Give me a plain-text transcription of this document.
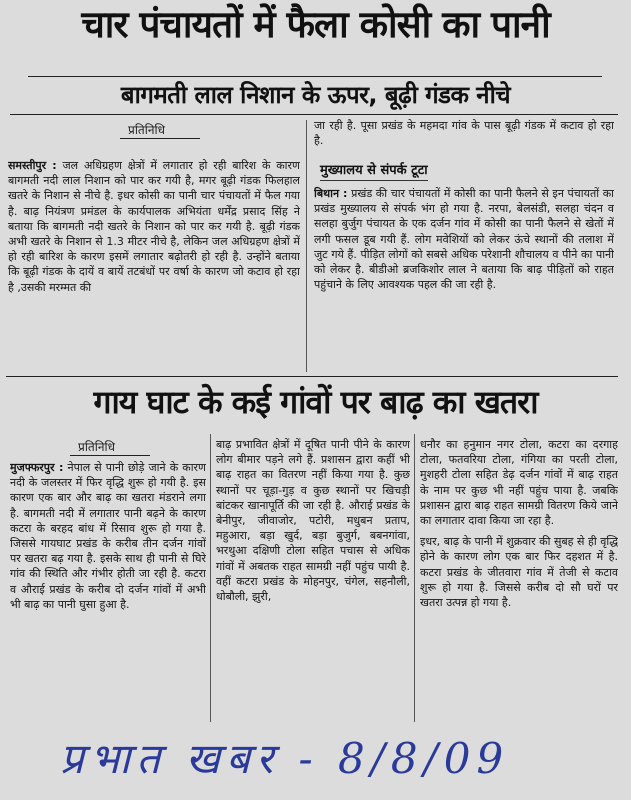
चार पंचायतों में फैला कोसी का पानी
बागमती लाल निशान के ऊपर, बूढ़ी गंडक नीचे
प्रतिनिधि
समस्तीपुर : जल अधिग्रहण क्षेत्रों में लगातार हो रही बारिश के कारण बागमती नदी लाल निशान को पार कर गयी है, मगर बूढ़ी गंडक फिलहाल खतरे के निशान से नीचे है. इधर कोसी का पानी चार पंचायतों में फैल गया है. बाढ़ नियंत्रण प्रमंडल के कार्यपालक अभियंता धर्मेंद्र प्रसाद सिंह ने बताया कि बागमती नदी खतरे के निशान को पार कर गयी है. बूढ़ी गंडक अभी खतरे के निशान से 1.3 मीटर नीचे है, लेकिन जल अधिग्रहण क्षेत्रों में हो रही बारिश के कारण इसमें लगातार बढ़ोतरी हो रही है. उन्होंने बताया कि बूढ़ी गंडक के दायें व बायें तटबंधों पर वर्षा के कारण जो कटाव हो रहा है ,उसकी मरम्मत की
जा रही है. पूसा प्रखंड के महमदा गांव के पास बूढ़ी गंडक में कटाव हो रहा है.
मुख्यालय से संपर्क टूटा
बिथान : प्रखंड की चार पंचायतों में कोसी का पानी फैलने से इन पंचायतों का प्रखंड मुख्यालय से संपर्क भंग हो गया है. नरपा, बेलसंडी, सलहा चंदन व सलहा बुर्जुग पंचायत के एक दर्जन गांव में कोसी का पानी फैलने से खेतों में लगी फसल डूब गयी हैं. लोग मवेशियों को लेकर ऊंचे स्थानों की तलाश में जुट गये हैं. पीड़ित लोगों को सबसे अधिक परेशानी शौचालय व पीने का पानी को लेकर है. बीडीओ ब्रजकिशोर लाल ने बताया कि बाढ़ पीड़ितों को राहत पहुंचाने के लिए आवश्यक पहल की जा रही है.
गाय घाट के कई गांवों पर बाढ़ का खतरा
प्रतिनिधि
मुजफ्फरपुर : नेपाल से पानी छोड़े जाने के कारण नदी के जलस्तर में फिर वृद्धि शुरू हो गयी है. इस कारण एक बार और बाढ़ का खतरा मंडराने लगा है. बागमती नदी में लगातार पानी बढ़ने के कारण कटरा के बरहद बांध में रिसाव शुरू हो गया है. जिससे गायघाट प्रखंड के करीब तीन दर्जन गांवों पर खतरा बढ़ गया है. इसके साथ ही पानी से घिरे गांव की स्थिति और गंभीर होती जा रही है. कटरा व औराई प्रखंड के करीब दो दर्जन गांवों में अभी भी बाढ़ का पानी घुसा हुआ है.
बाढ़ प्रभावित क्षेत्रों में दूषित पानी पीने के कारण लोग बीमार पड़ने लगे हैं. प्रशासन द्वारा कहीं भी बाढ़ राहत का वितरण नहीं किया गया है. कुछ स्थानों पर चूड़ा-गुड़ व कुछ स्थानों पर खिचड़ी बांटकर खानापूर्ति की जा रही है. औराई प्रखंड के बेनीपुर, जीवाजोर, पटोरी, मधुबन प्रताप, महुआरा, बड़ा खुर्द, बड़ा बुजुर्ग, बबनगांवा, भरथुआ दक्षिणी टोला सहित पचास से अधिक गांवों में अबतक राहत सामग्री नहीं पहुंच पायी है. वहीं कटरा प्रखंड के मोहनपुर, चंगेल, सहनौली, धोबौली, झुरी,
धनौर का हनुमान नगर टोला, कटरा का दरगाह टोला, फतवरिया टोला, गंगिया का परती टोला, मुशहरी टोला सहित डेढ़ दर्जन गांवों में बाढ़ राहत के नाम पर कुछ भी नहीं पहुंच पाया है. जबकि प्रशासन द्वारा बाढ़ राहत सामग्री वितरण किये जाने का लगातार दावा किया जा रहा है.
इधर, बाढ़ के पानी में शुक्रवार की सुबह से ही वृद्धि होने के कारण लोग एक बार फिर दहशत में है. कटरा प्रखंड के जीतवारा गांव में तेजी से कटाव शुरू हो गया है. जिससे करीब दो सौ घरों पर खतरा उत्पन्न हो गया है.
प्रभात खबर - 8/8/09
